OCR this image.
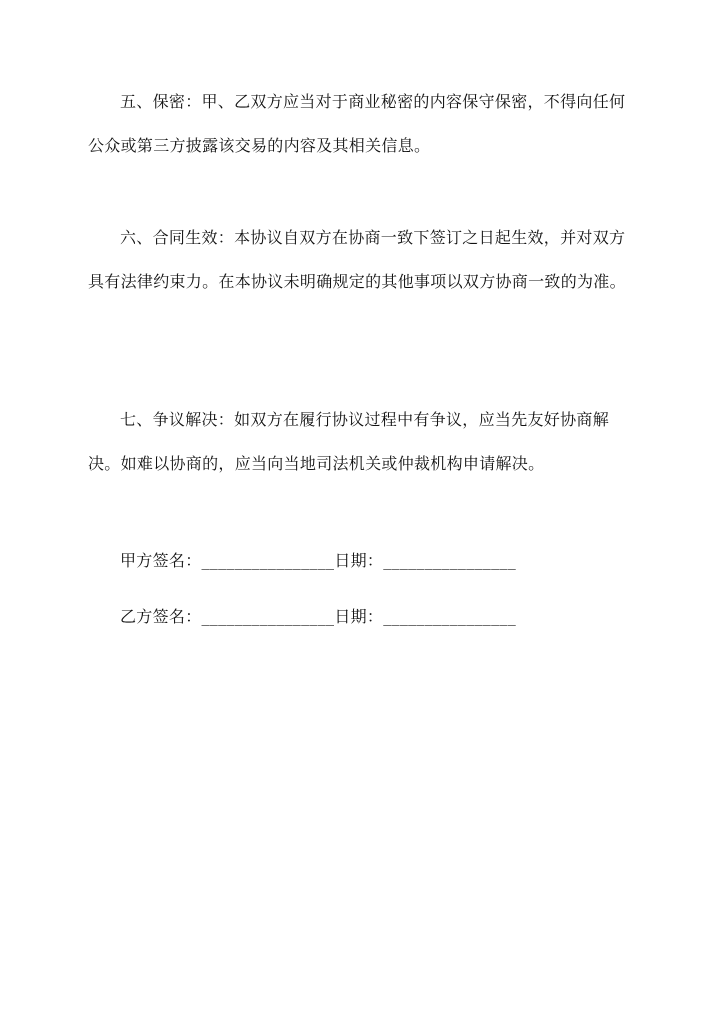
五、保密：甲、乙双方应当对于商业秘密的内容保守保密，不得向任何公众或第三方披露该交易的内容及其相关信息。

六、合同生效：本协议自双方在协商一致下签订之日起生效，并对双方具有法律约束力。在本协议未明确规定的其他事项以双方协商一致的为准。

七、争议解决：如双方在履行协议过程中有争议，应当先友好协商解决。如难以协商的，应当向当地司法机关或仲裁机构申请解决。

甲方签名：________________日期：________________

乙方签名：________________日期：________________
